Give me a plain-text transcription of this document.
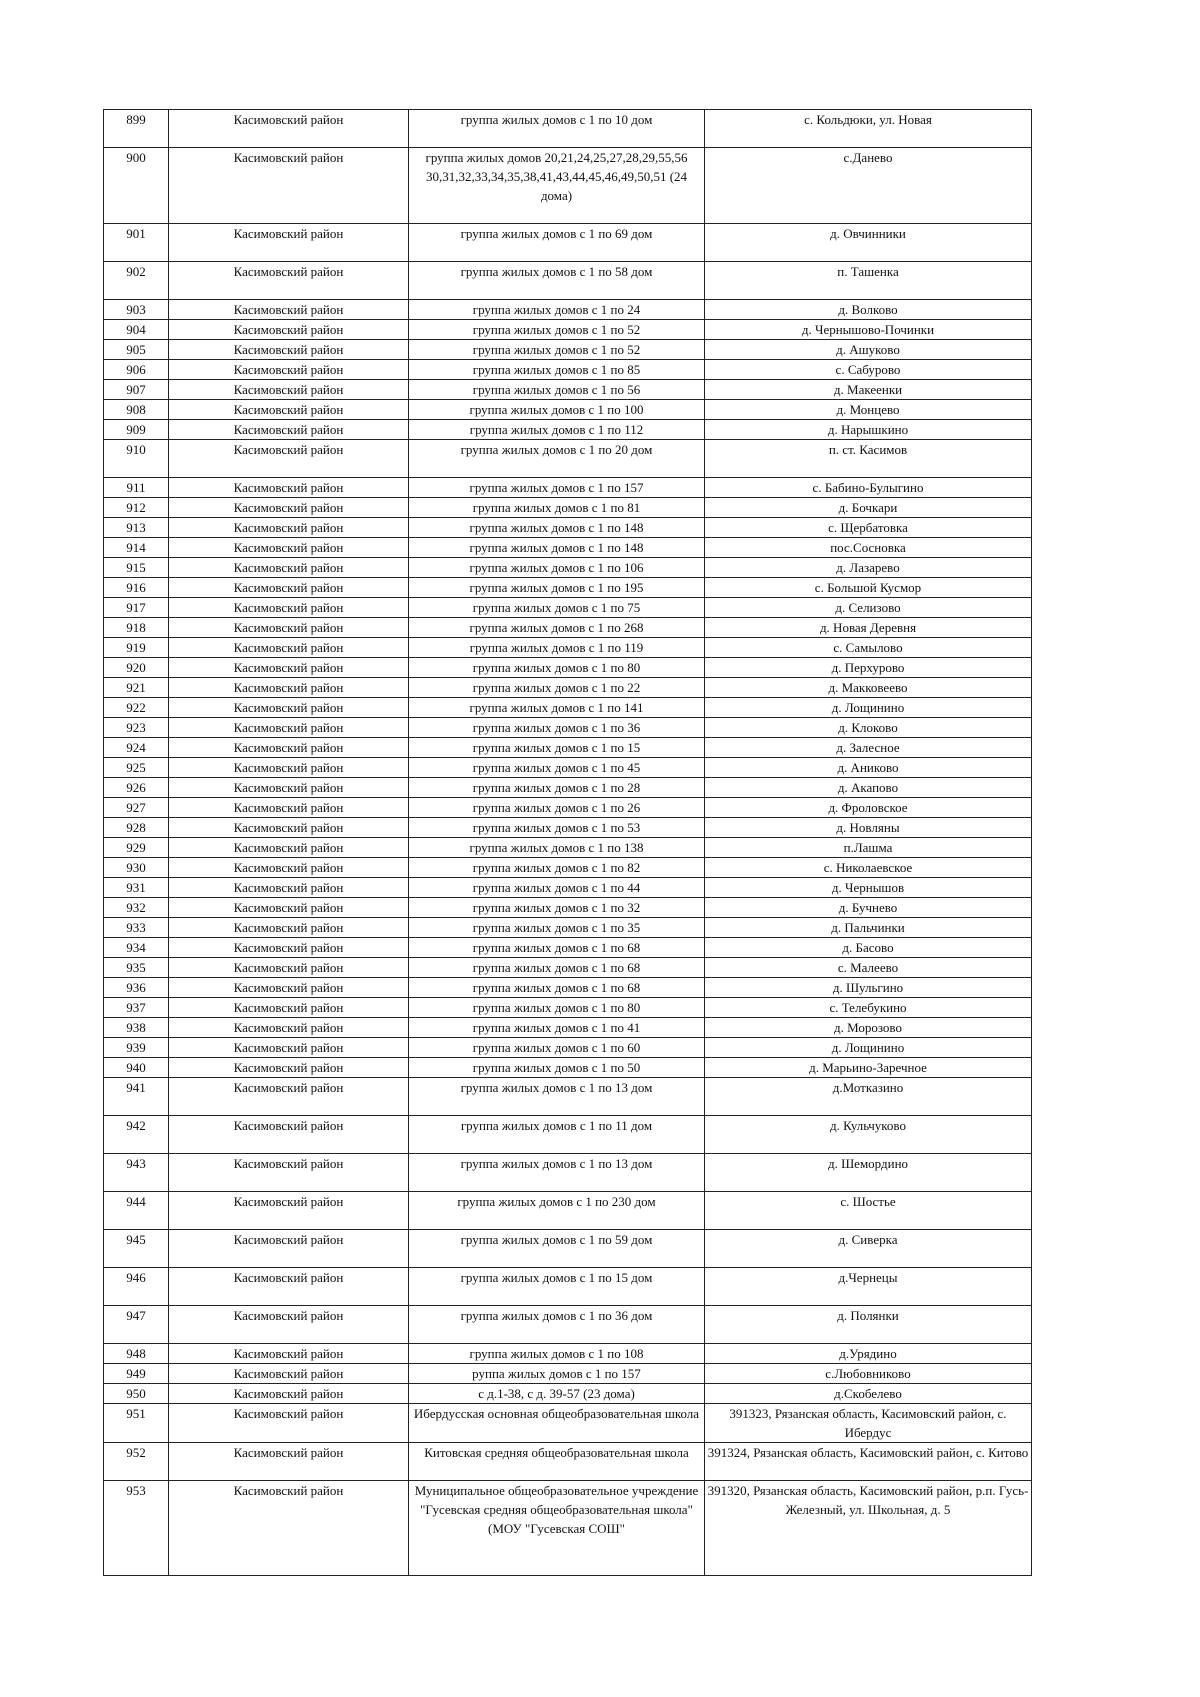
899	Касимовский район	группа жилых домов с 1 по 10 дом	с. Кольдюки, ул. Новая
900	Касимовский район	группа жилых домов 20,21,24,25,27,28,29,55,56 30,31,32,33,34,35,38,41,43,44,45,46,49,50,51 (24 дома)	с.Данево
901	Касимовский район	группа жилых домов с 1 по 69 дом	д. Овчинники
902	Касимовский район	группа жилых домов с 1 по 58 дом	п. Ташенка
903	Касимовский район	группа жилых домов с 1 по 24	д. Волково
904	Касимовский район	группа жилых домов с 1 по 52	д. Чернышово-Починки
905	Касимовский район	группа жилых домов с 1 по 52	д. Ашуково
906	Касимовский район	группа жилых домов с 1 по 85	с. Сабурово
907	Касимовский район	группа жилых домов с 1 по 56	д. Макеенки
908	Касимовский район	группа жилых домов с 1 по 100	д. Монцево
909	Касимовский район	группа жилых домов с 1 по 112	д. Нарышкино
910	Касимовский район	группа жилых домов с 1 по 20 дом	п. ст. Касимов
911	Касимовский район	группа жилых домов с 1 по 157	с. Бабино-Булыгино
912	Касимовский район	группа жилых домов с 1 по 81	д. Бочкари
913	Касимовский район	группа жилых домов с 1 по 148	с. Щербатовка
914	Касимовский район	группа жилых домов с 1 по 148	пос.Сосновка
915	Касимовский район	группа жилых домов с 1 по 106	д. Лазарево
916	Касимовский район	группа жилых домов с 1 по 195	с. Большой Кусмор
917	Касимовский район	группа жилых домов с 1 по 75	д. Селизово
918	Касимовский район	группа жилых домов с 1 по 268	д. Новая Деревня
919	Касимовский район	группа жилых домов с 1 по 119	с. Самылово
920	Касимовский район	группа жилых домов с 1 по 80	д. Перхурово
921	Касимовский район	группа жилых домов с 1 по 22	д. Макковеево
922	Касимовский район	группа жилых домов с 1 по 141	д. Лощинино
923	Касимовский район	группа жилых домов с 1 по 36	д. Клоково
924	Касимовский район	группа жилых домов с 1 по 15	д. Залесное
925	Касимовский район	группа жилых домов с 1 по 45	д. Аниково
926	Касимовский район	группа жилых домов с 1 по 28	д. Акапово
927	Касимовский район	группа жилых домов с 1 по 26	д. Фроловское
928	Касимовский район	группа жилых домов с 1 по 53	д. Новляны
929	Касимовский район	группа жилых домов с 1 по 138	п.Лашма
930	Касимовский район	группа жилых домов с 1 по 82	с. Николаевское
931	Касимовский район	группа жилых домов с 1 по 44	д. Чернышов
932	Касимовский район	группа жилых домов с 1 по 32	д. Бучнево
933	Касимовский район	группа жилых домов с 1 по 35	д. Пальчинки
934	Касимовский район	группа жилых домов с 1 по 68	д. Басово
935	Касимовский район	группа жилых домов с 1 по 68	с. Малеево
936	Касимовский район	группа жилых домов с 1 по 68	д. Шульгино
937	Касимовский район	группа жилых домов с 1 по 80	с. Телебукино
938	Касимовский район	группа жилых домов с 1 по 41	д. Морозово
939	Касимовский район	группа жилых домов с 1 по 60	д. Лощинино
940	Касимовский район	группа жилых домов с 1 по 50	д. Марьино-Заречное
941	Касимовский район	группа жилых домов с 1 по 13 дом	д.Мотказино
942	Касимовский район	группа жилых домов с 1 по 11 дом	д. Кульчуково
943	Касимовский район	группа жилых домов с 1 по 13 дом	д. Шемордино
944	Касимовский район	группа жилых домов с 1 по 230 дом	с. Шостье
945	Касимовский район	группа жилых домов с 1 по 59 дом	д. Сиверка
946	Касимовский район	группа жилых домов с 1 по 15 дом	д.Чернецы
947	Касимовский район	группа жилых домов с 1 по 36 дом	д. Полянки
948	Касимовский район	группа жилых домов с 1 по 108	д.Урядино
949	Касимовский район	руппа жилых домов с 1 по 157	с.Любовниково
950	Касимовский район	с д.1-38, с д. 39-57 (23 дома)	д.Скобелево
951	Касимовский район	Ибердусская основная общеобразовательная школа	391323, Рязанская область, Касимовский район, с. Ибердус
952	Касимовский район	Китовская средняя общеобразовательная школа	391324, Рязанская область, Касимовский район, с. Китово
953	Касимовский район	Муниципальное общеобразовательное учреждение "Гусевская средняя общеобразовательная школа" (МОУ "Гусевская СОШ"	391320, Рязанская область, Касимовский район, р.п. Гусь-Железный, ул. Школьная, д. 5
